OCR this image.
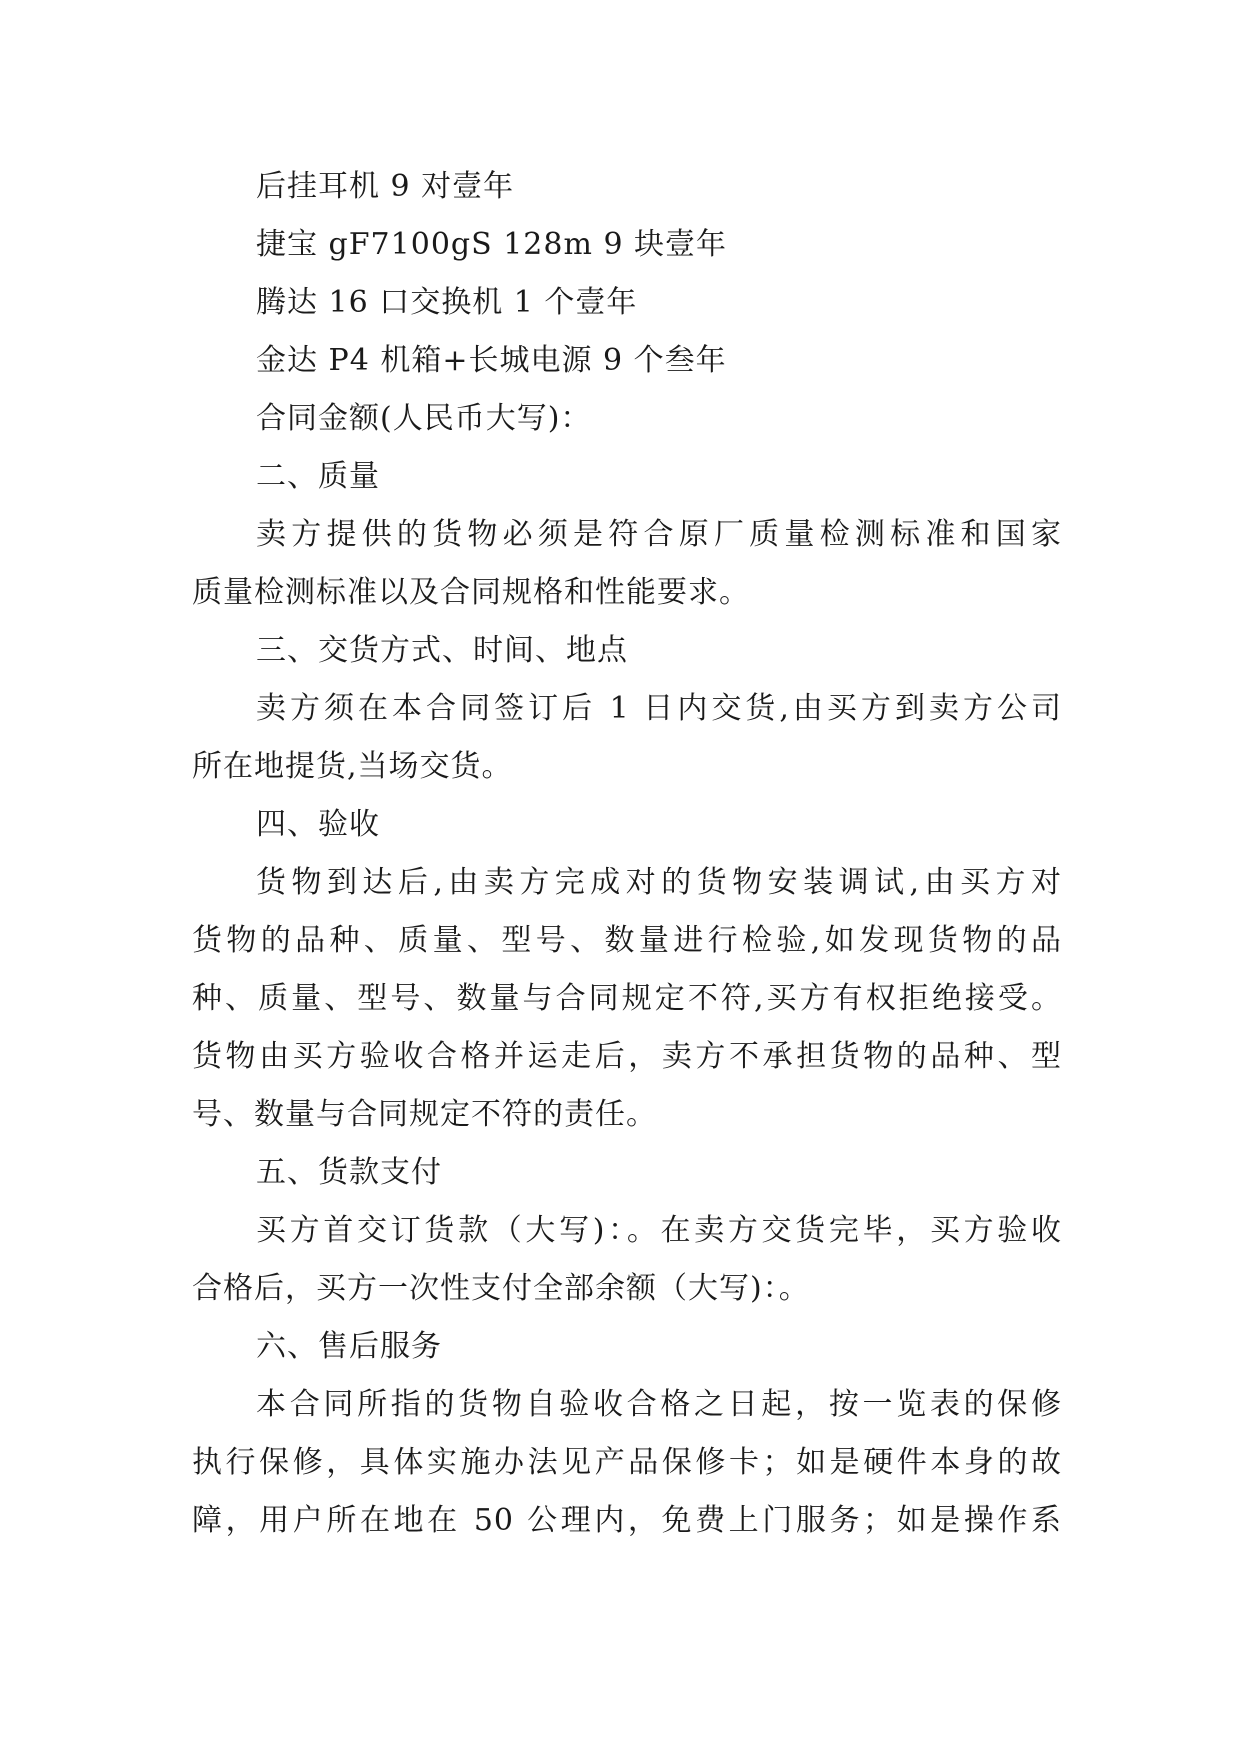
后挂耳机 9 对壹年
捷宝 gF7100gS 128m 9 块壹年
腾达 16 口交换机 1 个壹年
金达 P4 机箱+长城电源 9 个叁年
合同金额(人民币大写)：
二、质量
卖方提供的货物必须是符合原厂质量检测标准和国家
质量检测标准以及合同规格和性能要求。
三、交货方式、时间、地点
卖方须在本合同签订后 1 日内交货,由买方到卖方公司
所在地提货,当场交货。
四、验收
货物到达后,由卖方完成对的货物安装调试,由买方对
货物的品种、质量、型号、数量进行检验,如发现货物的品
种、质量、型号、数量与合同规定不符,买方有权拒绝接受。
货物由买方验收合格并运走后，卖方不承担货物的品种、型
号、数量与合同规定不符的责任。
五、货款支付
买方首交订货款（大写)：。在卖方交货完毕，买方验收
合格后，买方一次性支付全部余额（大写)：。
六、售后服务
本合同所指的货物自验收合格之日起，按一览表的保修
执行保修，具体实施办法见产品保修卡；如是硬件本身的故
障，用户所在地在 50 公理内，免费上门服务；如是操作系
